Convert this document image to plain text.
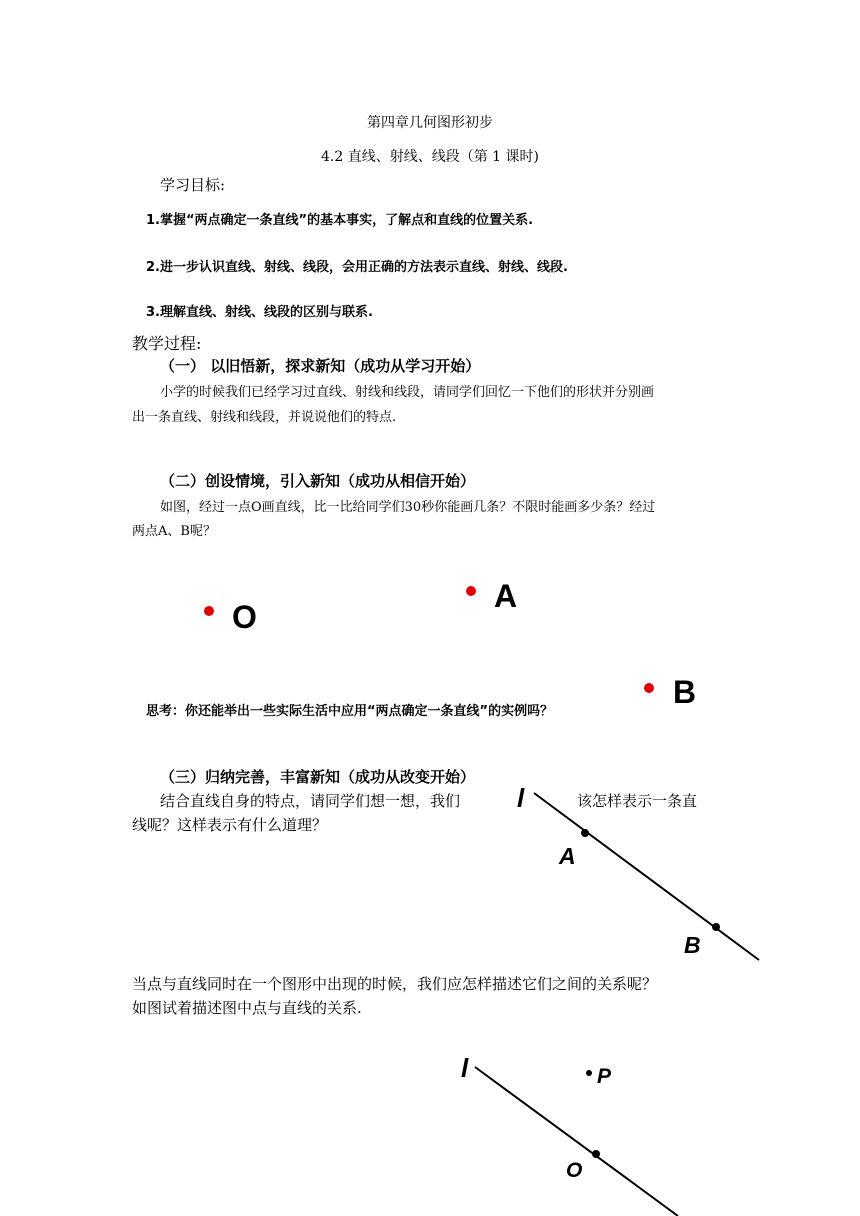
第四章几何图形初步
4.2 直线、射线、线段（第 1 课时)
学习目标:
1.掌握“两点确定一条直线”的基本事实，了解点和直线的位置关系.
2.进一步认识直线、射线、线段，会用正确的方法表示直线、射线、线段.
3.理解直线、射线、线段的区别与联系.
教学过程:
（一） 以旧悟新，探求新知（成功从学习开始）
小学的时候我们已经学习过直线、射线和线段，请同学们回忆一下他们的形状并分别画
出一条直线、射线和线段，并说说他们的特点.
（二）创设情境，引入新知（成功从相信开始）
如图，经过一点O画直线，比一比给同学们30秒你能画几条？不限时能画多少条？经过
两点A、B呢？
O
A
B
思考：你还能举出一些实际生活中应用“两点确定一条直线”的实例吗？
（三）归纳完善，丰富新知（成功从改变开始）
结合直线自身的特点，请同学们想一想，我们	该怎样表示一条直
线呢？这样表示有什么道理？
l
A
B
当点与直线同时在一个图形中出现的时候，我们应怎样描述它们之间的关系呢？
如图试着描述图中点与直线的关系.
l	P
O
